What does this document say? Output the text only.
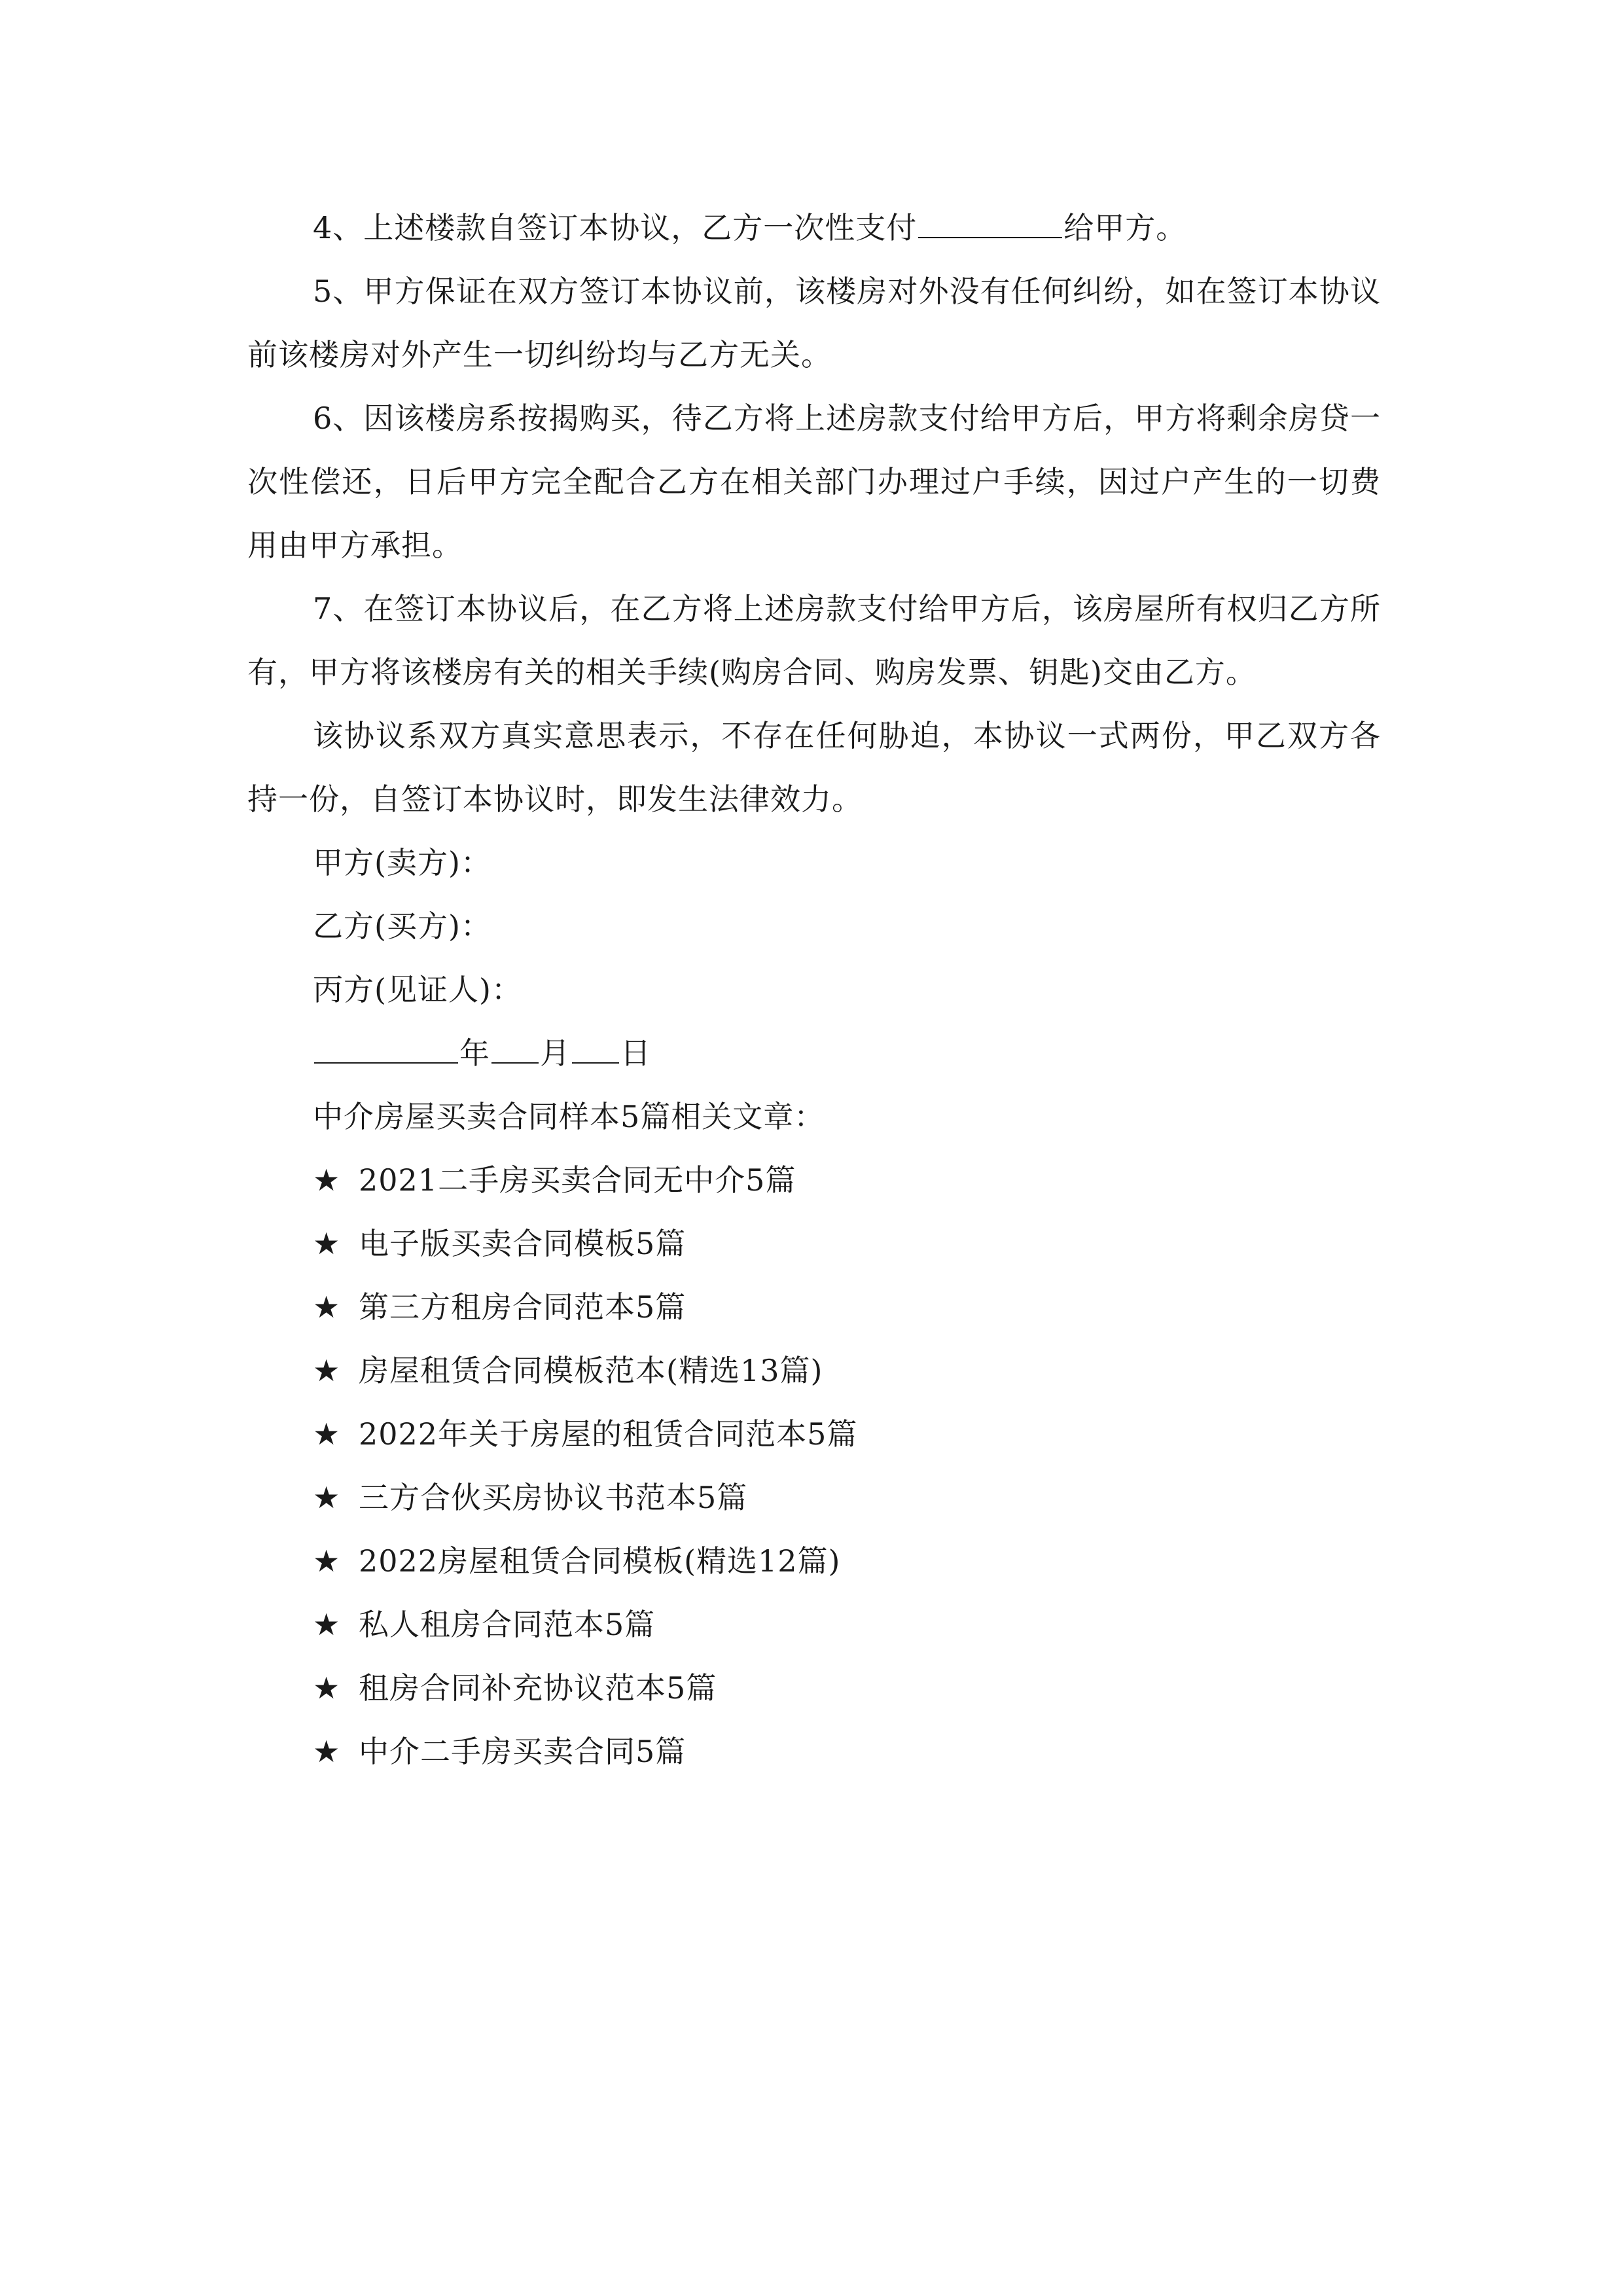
4、上述楼款自签订本协议，乙方一次性支付	给甲方。

5、甲方保证在双方签订本协议前，该楼房对外没有任何纠纷，如在签订本协议前该楼房对外产生一切纠纷均与乙方无关。

6、因该楼房系按揭购买，待乙方将上述房款支付给甲方后，甲方将剩余房贷一次性偿还，日后甲方完全配合乙方在相关部门办理过户手续，因过户产生的一切费用由甲方承担。

7、在签订本协议后，在乙方将上述房款支付给甲方后，该房屋所有权归乙方所有，甲方将该楼房有关的相关手续(购房合同、购房发票、钥匙)交由乙方。

该协议系双方真实意思表示，不存在任何胁迫，本协议一式两份，甲乙双方各持一份，自签订本协议时，即发生法律效力。

甲方(卖方)：

乙方(买方)：

丙方(见证人)：

年 月 日

中介房屋买卖合同样本5篇相关文章：

★ 2021二手房买卖合同无中介5篇

★ 电子版买卖合同模板5篇

★ 第三方租房合同范本5篇

★ 房屋租赁合同模板范本(精选13篇)

★ 2022年关于房屋的租赁合同范本5篇

★ 三方合伙买房协议书范本5篇

★ 2022房屋租赁合同模板(精选12篇)

★ 私人租房合同范本5篇

★ 租房合同补充协议范本5篇

★ 中介二手房买卖合同5篇
